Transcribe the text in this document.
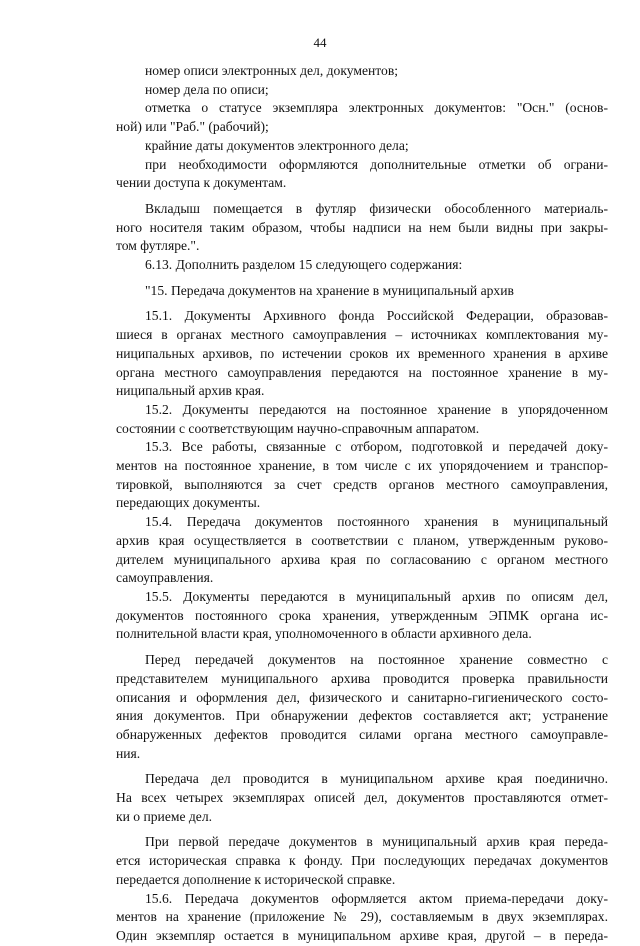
44
номер описи электронных дел, документов;
номер дела по описи;
отметка о статусе экземпляра электронных документов: "Осн." (основ-
ной) или "Раб." (рабочий);
крайние даты документов электронного дела;
при необходимости оформляются дополнительные отметки об ограни-
чении доступа к документам.
Вкладыш помещается в футляр физически обособленного материаль-
ного носителя таким образом, чтобы надписи на нем были видны при закры-
том футляре.".
6.13. Дополнить разделом 15 следующего содержания:
"15. Передача документов на хранение в муниципальный архив
15.1. Документы Архивного фонда Российской Федерации, образовав-
шиеся в органах местного самоуправления – источниках комплектования му-
ниципальных архивов, по истечении сроков их временного хранения в архиве
органа местного самоуправления передаются на постоянное хранение в му-
ниципальный архив края.
15.2. Документы передаются на постоянное хранение в упорядоченном
состоянии с соответствующим научно-справочным аппаратом.
15.3. Все работы, связанные с отбором, подготовкой и передачей доку-
ментов на постоянное хранение, в том числе с их упорядочением и транспор-
тировкой, выполняются за счет средств органов местного самоуправления,
передающих документы.
15.4. Передача документов постоянного хранения в муниципальный
архив края осуществляется в соответствии с планом, утвержденным руково-
дителем муниципального архива края по согласованию с органом местного
самоуправления.
15.5. Документы передаются в муниципальный архив по описям дел,
документов постоянного срока хранения, утвержденным ЭПМК органа ис-
полнительной власти края, уполномоченного в области архивного дела.
Перед передачей документов на постоянное хранение совместно с
представителем муниципального архива проводится проверка правильности
описания и оформления дел, физического и санитарно-гигиенического состо-
яния документов. При обнаружении дефектов составляется акт; устранение
обнаруженных дефектов проводится силами органа местного самоуправле-
ния.
Передача дел проводится в муниципальном архиве края поединично.
На всех четырех экземплярах описей дел, документов проставляются отмет-
ки о приеме дел.
При первой передаче документов в муниципальный архив края переда-
ется историческая справка к фонду. При последующих передачах документов
передается дополнение к исторической справке.
15.6. Передача документов оформляется актом приема-передачи доку-
ментов на хранение (приложение № 29), составляемым в двух экземплярах.
Один экземпляр остается в муниципальном архиве края, другой – в переда-
